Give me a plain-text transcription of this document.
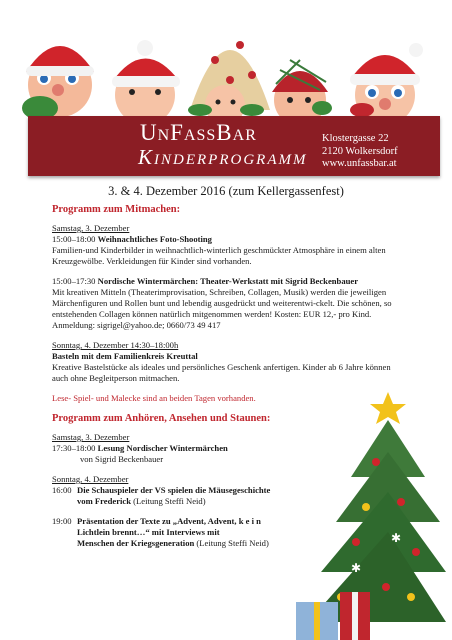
UnFassBar
Kinderprogramm
Klostergasse 22
2120 Wolkersdorf
www.unfassbar.at
3. & 4. Dezember 2016 (zum Kellergassenfest)
Programm zum Mitmachen:
Samstag, 3. Dezember
15:00–18:00 Weihnachtliches Foto-Shooting
Familien-und Kinderbilder in weihnachtlich-winterlich geschmückter Atmosphäre in einem alten Kreuzgewölbe. Verkleidungen für Kinder sind vorhanden.
15:00–17:30 Nordische Wintermärchen: Theater-Werkstatt mit Sigrid Beckenbauer
Mit kreativen Mitteln (Theaterimprovisation, Schreiben, Collagen, Musik) werden die jeweiligen Märchenfiguren und Rollen bunt und lebendig ausgedrückt und weiterentwi-ckelt. Die schönen, so entstehenden Collagen können natürlich mitgenommen werden! Kosten: EUR 12,- pro Kind. Anmeldung: sigrigel@yahoo.de; 0660/73 49 417
Sonntag, 4. Dezember 14:30–18:00h
Basteln mit dem Familienkreis Kreuttal
Kreative Bastelstücke als ideales und persönliches Geschenk anfertigen. Kinder ab 6 Jahre können auch ohne Begleitperson mitmachen.
Lese- Spiel- und Malecke sind an beiden Tagen vorhanden.
Programm zum Anhören, Ansehen und Staunen:
Samstag, 3. Dezember
17:30–18:00 Lesung Nordischer Wintermärchen
von Sigrid Beckenbauer
Sonntag, 4. Dezember
16:00 Die Schauspieler der VS spielen die Mäusegeschichte
vom Frederick (Leitung Steffi Neid)
19:00 Präsentation der Texte zu „Advent, Advent, k e i n
Lichtlein brennt…“ mit Interviews mit
Menschen der Kriegsgeneration (Leitung Steffi Neid)	✱
✱
